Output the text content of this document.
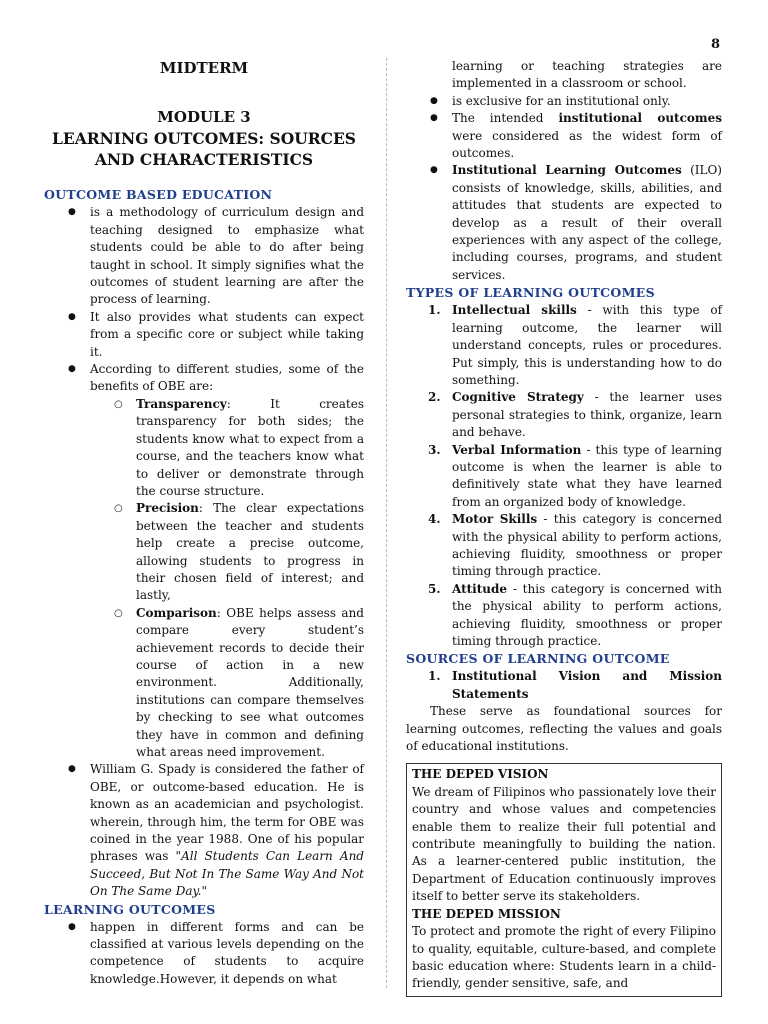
8

MIDTERM

MODULE 3

LEARNING OUTCOMES: SOURCES AND CHARACTERISTICS

OUTCOME BASED EDUCATION

● is a methodology of curriculum design and teaching designed to emphasize what students could be able to do after being taught in school. It simply signifies what the outcomes of student learning are after the process of learning.
● It also provides what students can expect from a specific core or subject while taking it.
● According to different studies, some of the benefits of OBE are:
○ Transparency: It creates transparency for both sides; the students know what to expect from a course, and the teachers know what to deliver or demonstrate through the course structure.
○ Precision: The clear expectations between the teacher and students help create a precise outcome, allowing students to progress in their chosen field of interest; and lastly,
○ Comparison: OBE helps assess and compare every student’s achievement records to decide their course of action in a new environment. Additionally, institutions can compare themselves by checking to see what outcomes they have in common and defining what areas need improvement.
● William G. Spady is considered the father of OBE, or outcome-based education. He is known as an academician and psychologist. wherein, through him, the term for OBE was coined in the year 1988. One of his popular phrases was "All Students Can Learn And Succeed, But Not In The Same Way And Not On The Same Day."

LEARNING OUTCOMES

● happen in different forms and can be classified at various levels depending on the competence of students to acquire knowledge.However, it depends on what
learning or teaching strategies are implemented in a classroom or school.
● is exclusive for an institutional only.
● The intended institutional outcomes were considered as the widest form of outcomes.
● Institutional Learning Outcomes (ILO) consists of knowledge, skills, abilities, and attitudes that students are expected to develop as a result of their overall experiences with any aspect of the college, including courses, programs, and student services.

TYPES OF LEARNING OUTCOMES

1. Intellectual skills - with this type of learning outcome, the learner will understand concepts, rules or procedures. Put simply, this is understanding how to do something.
2. Cognitive Strategy - the learner uses personal strategies to think, organize, learn and behave.
3. Verbal Information - this type of learning outcome is when the learner is able to definitively state what they have learned from an organized body of knowledge.
4. Motor Skills - this category is concerned with the physical ability to perform actions, achieving fluidity, smoothness or proper timing through practice.
5. Attitude - this category is concerned with the physical ability to perform actions, achieving fluidity, smoothness or proper timing through practice.

SOURCES OF LEARNING OUTCOME

1. Institutional Vision and Mission Statements

These serve as foundational sources for learning outcomes, reflecting the values and goals of educational institutions.

THE DEPED VISION
We dream of Filipinos who passionately love their country and whose values and competencies enable them to realize their full potential and contribute meaningfully to building the nation. As a learner-centered public institution, the Department of Education continuously improves itself to better serve its stakeholders.
THE DEPED MISSION
To protect and promote the right of every Filipino to quality, equitable, culture-based, and complete basic education where: Students learn in a child-friendly, gender sensitive, safe, and
